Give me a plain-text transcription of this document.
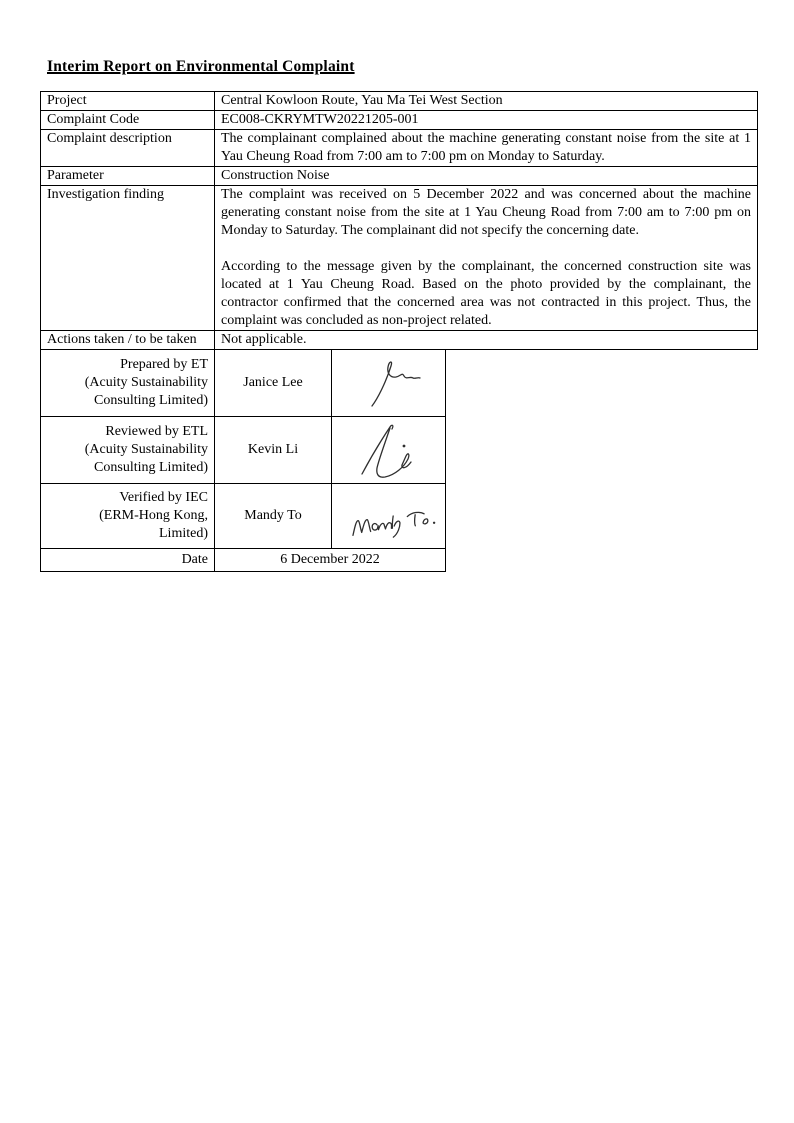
Interim Report on Environmental Complaint
Project	Central Kowloon Route, Yau Ma Tei West Section
Complaint Code	EC008-CKRYMTW20221205-001
Complaint description	The complainant complained about the machine generating constant noise from the site at 1 Yau Cheung Road from 7:00 am to 7:00 pm on Monday to Saturday.
Parameter	Construction Noise
Investigation finding	The complaint was received on 5 December 2022 and was concerned about the machine generating constant noise from the site at 1 Yau Cheung Road from 7:00 am to 7:00 pm on Monday to Saturday. The complainant did not specify the concerning date.

According to the message given by the complainant, the concerned construction site was located at 1 Yau Cheung Road. Based on the photo provided by the complainant, the contractor confirmed that the concerned area was not contracted in this project. Thus, the complaint was concluded as non-project related.

Actions taken / to be taken	Not applicable.
Prepared by ET
(Acuity Sustainability
Consulting Limited)	Janice Lee	

Reviewed by ETL
(Acuity Sustainability
Consulting Limited)	Kevin Li	

Verified by IEC
(ERM-Hong Kong,
Limited)	Mandy To	

Date	6 December 2022	
